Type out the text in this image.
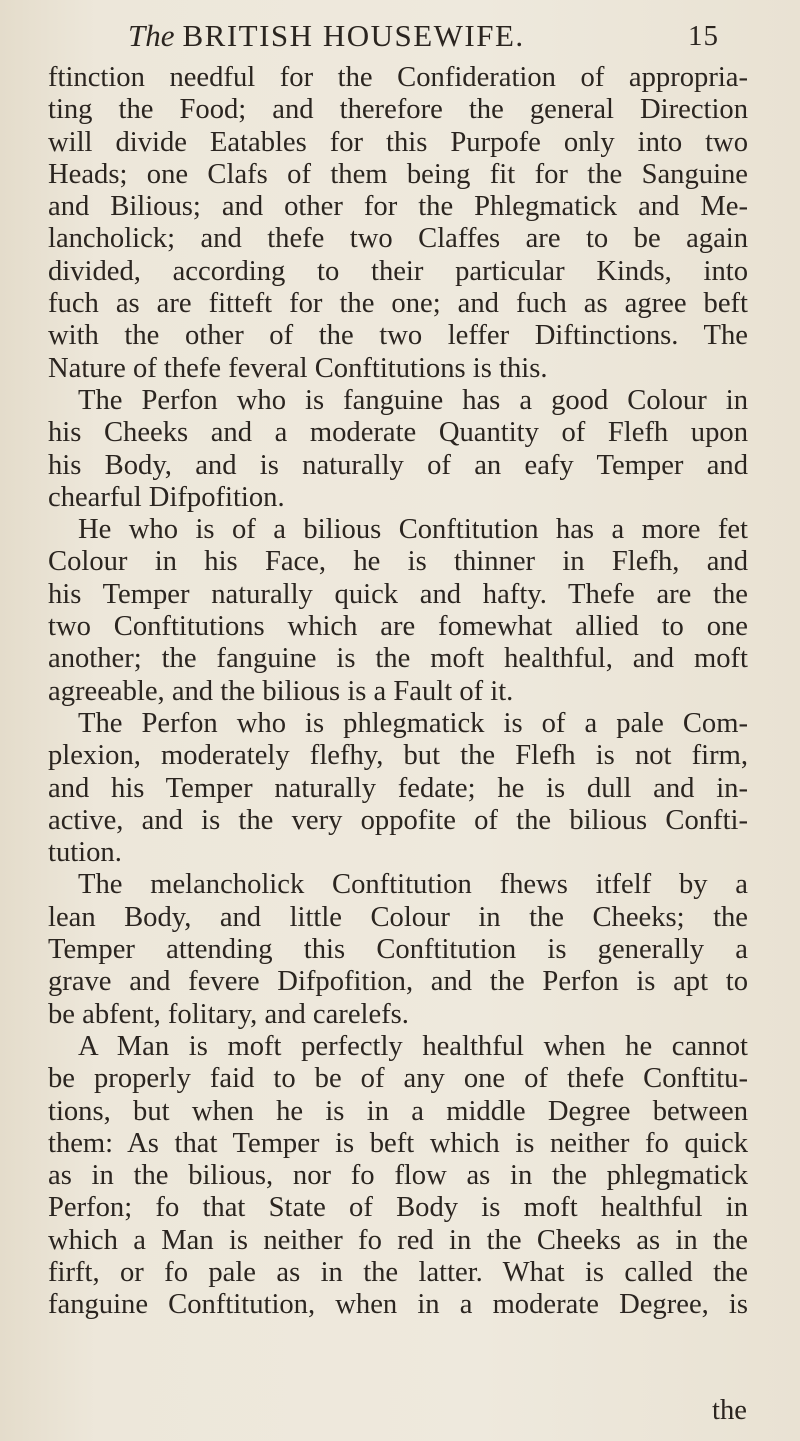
The BRITISH HOUSEWIFE.	15

ftinction needful for the Confideration of appropria-

ting the Food; and therefore the general Direction

will divide Eatables for this Purpofe only into two

Heads; one Clafs of them being fit for the Sanguine

and Bilious; and other for the Phlegmatick and Me-

lancholick; and thefe two Claffes are to be again

divided, according to their particular Kinds, into

fuch as are fitteft for the one; and fuch as agree beft

with the other of the two leffer Diftinctions. The

Nature of thefe feveral Conftitutions is this.

The Perfon who is fanguine has a good Colour in

his Cheeks and a moderate Quantity of Flefh upon

his Body, and is naturally of an eafy Temper and

chearful Difpofition.

He who is of a bilious Conftitution has a more fet

Colour in his Face, he is thinner in Flefh, and

his Temper naturally quick and hafty. Thefe are the

two Conftitutions which are fomewhat allied to one

another; the fanguine is the moft healthful, and moft

agreeable, and the bilious is a Fault of it.

The Perfon who is phlegmatick is of a pale Com-

plexion, moderately flefhy, but the Flefh is not firm,

and his Temper naturally fedate; he is dull and in-

active, and is the very oppofite of the bilious Confti-

tution.

The melancholick Conftitution fhews itfelf by a

lean Body, and little Colour in the Cheeks; the

Temper attending this Conftitution is generally a

grave and fevere Difpofition, and the Perfon is apt to

be abfent, folitary, and carelefs.

A Man is moft perfectly healthful when he cannot

be properly faid to be of any one of thefe Conftitu-

tions, but when he is in a middle Degree between

them: As that Temper is beft which is neither fo quick

as in the bilious, nor fo flow as in the phlegmatick

Perfon; fo that State of Body is moft healthful in

which a Man is neither fo red in the Cheeks as in the

firft, or fo pale as in the latter. What is called the

fanguine Conftitution, when in a moderate Degree, is

the
